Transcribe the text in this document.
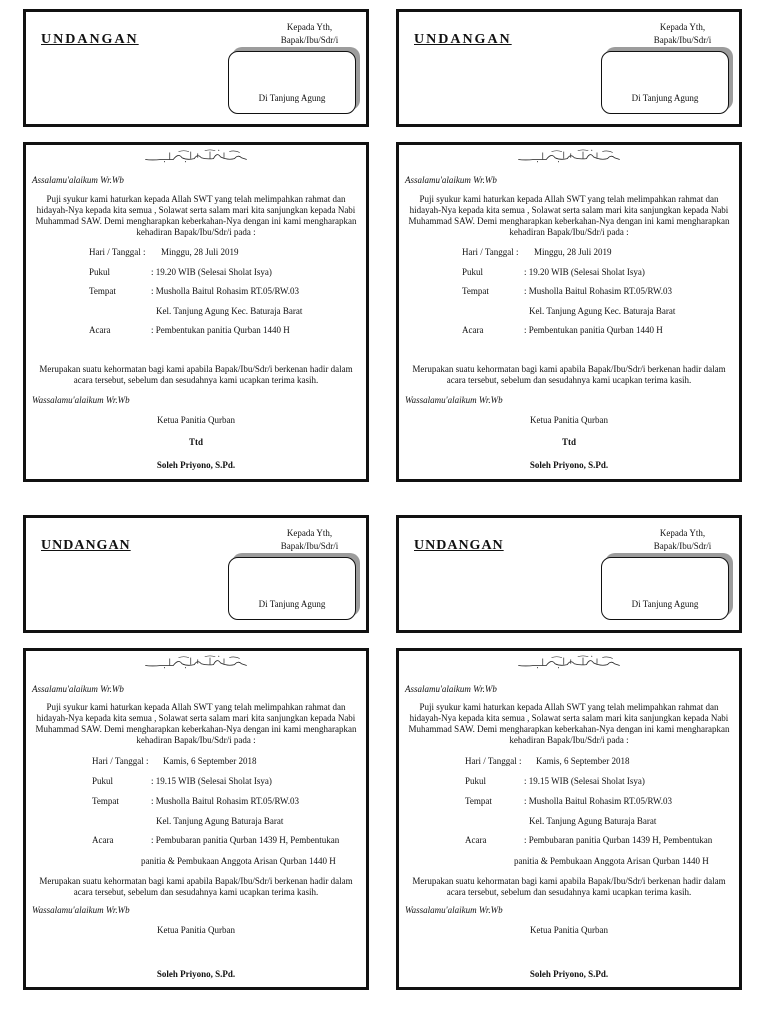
UNDANGAN
Kepada Yth,
Bapak/Ibu/Sdr/i
Di Tanjung Agung
UNDANGAN
Kepada Yth,
Bapak/Ibu/Sdr/i
Di Tanjung Agung
Assalamu'alaikum Wr.Wb
Puji syukur kami haturkan kepada Allah SWT yang telah melimpahkan rahmat dan hidayah-Nya kepada kita semua , Solawat serta salam mari kita sanjungkan kepada Nabi Muhammad SAW. Demi mengharapkan keberkahan-Nya dengan ini kami mengharapkan kehadiran Bapak/Ibu/Sdr/i pada :
Hari / Tanggal : Minggu, 28 Juli 2019
Pukul	: 19.20 WIB (Selesai Sholat Isya)
Tempat	: Musholla Baitul Rohasim RT.05/RW.03
Kel. Tanjung Agung Kec. Baturaja Barat
Acara	: Pembentukan panitia Qurban 1440 H
Merupakan suatu kehormatan bagi kami apabila Bapak/Ibu/Sdr/i berkenan hadir dalam acara tersebut, sebelum dan sesudahnya kami ucapkan terima kasih.
Wassalamu'alaikum Wr.Wb
Ketua Panitia Qurban
Ttd
Soleh Priyono, S.Pd.
Assalamu'alaikum Wr.Wb
Puji syukur kami haturkan kepada Allah SWT yang telah melimpahkan rahmat dan hidayah-Nya kepada kita semua , Solawat serta salam mari kita sanjungkan kepada Nabi Muhammad SAW. Demi mengharapkan keberkahan-Nya dengan ini kami mengharapkan kehadiran Bapak/Ibu/Sdr/i pada :
Hari / Tanggal : Minggu, 28 Juli 2019
Pukul	: 19.20 WIB (Selesai Sholat Isya)
Tempat	: Musholla Baitul Rohasim RT.05/RW.03
Kel. Tanjung Agung Kec. Baturaja Barat
Acara	: Pembentukan panitia Qurban 1440 H
Merupakan suatu kehormatan bagi kami apabila Bapak/Ibu/Sdr/i berkenan hadir dalam acara tersebut, sebelum dan sesudahnya kami ucapkan terima kasih.
Wassalamu'alaikum Wr.Wb
Ketua Panitia Qurban
Ttd
Soleh Priyono, S.Pd.
UNDANGAN
Kepada Yth,
Bapak/Ibu/Sdr/i
Di Tanjung Agung
UNDANGAN
Kepada Yth,
Bapak/Ibu/Sdr/i
Di Tanjung Agung
Assalamu'alaikum Wr.Wb
Puji syukur kami haturkan kepada Allah SWT yang telah melimpahkan rahmat dan hidayah-Nya kepada kita semua , Solawat serta salam mari kita sanjungkan kepada Nabi Muhammad SAW. Demi mengharapkan keberkahan-Nya dengan ini kami mengharapkan kehadiran Bapak/Ibu/Sdr/i pada :
Hari / Tanggal : Kamis, 6 September 2018
Pukul	: 19.15 WIB (Selesai Sholat Isya)
Tempat	: Musholla Baitul Rohasim RT.05/RW.03
Kel. Tanjung Agung Baturaja Barat
Acara	: Pembubaran panitia Qurban 1439 H, Pembentukan
panitia & Pembukaan Anggota Arisan Qurban 1440 H
Merupakan suatu kehormatan bagi kami apabila Bapak/Ibu/Sdr/i berkenan hadir dalam acara tersebut, sebelum dan sesudahnya kami ucapkan terima kasih.
Wassalamu'alaikum Wr.Wb
Ketua Panitia Qurban
Soleh Priyono, S.Pd.
Assalamu'alaikum Wr.Wb
Puji syukur kami haturkan kepada Allah SWT yang telah melimpahkan rahmat dan hidayah-Nya kepada kita semua , Solawat serta salam mari kita sanjungkan kepada Nabi Muhammad SAW. Demi mengharapkan keberkahan-Nya dengan ini kami mengharapkan kehadiran Bapak/Ibu/Sdr/i pada :
Hari / Tanggal : Kamis, 6 September 2018
Pukul	: 19.15 WIB (Selesai Sholat Isya)
Tempat	: Musholla Baitul Rohasim RT.05/RW.03
Kel. Tanjung Agung Baturaja Barat
Acara	: Pembubaran panitia Qurban 1439 H, Pembentukan
panitia & Pembukaan Anggota Arisan Qurban 1440 H
Merupakan suatu kehormatan bagi kami apabila Bapak/Ibu/Sdr/i berkenan hadir dalam acara tersebut, sebelum dan sesudahnya kami ucapkan terima kasih.
Wassalamu'alaikum Wr.Wb
Ketua Panitia Qurban
Soleh Priyono, S.Pd.
